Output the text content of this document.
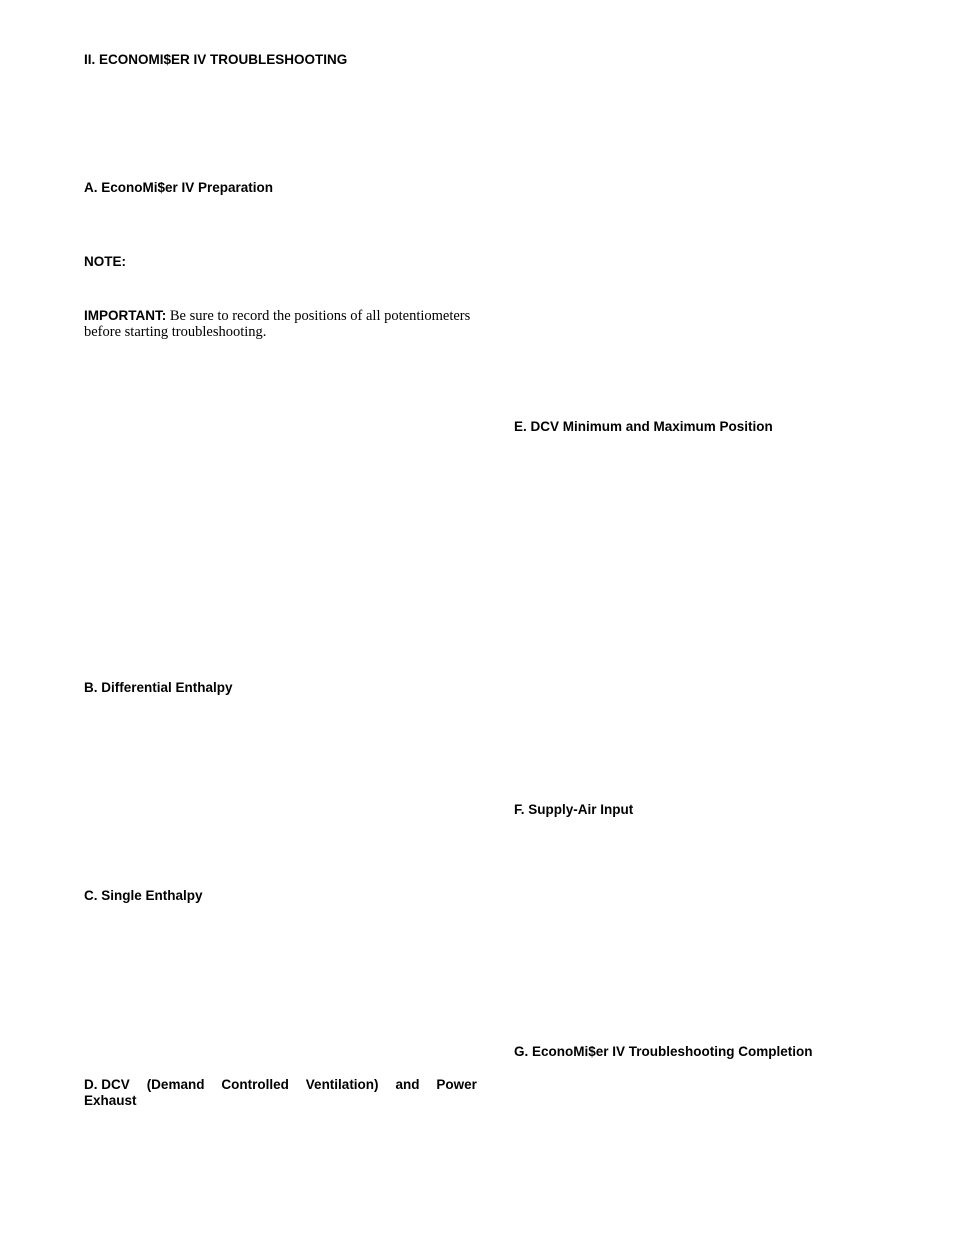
II. ECONOMI$ER IV TROUBLESHOOTING
A. EconoMi$er IV Preparation
NOTE:

IMPORTANT: Be sure to record the positions of all potentiometers
before starting troubleshooting.

B. Differential Enthalpy
C. Single Enthalpy
D. DCV (Demand Controlled Ventilation) and Power
Exhaust
E. DCV Minimum and Maximum Position
F. Supply-Air Input
G. EconoMi$er IV Troubleshooting Completion
